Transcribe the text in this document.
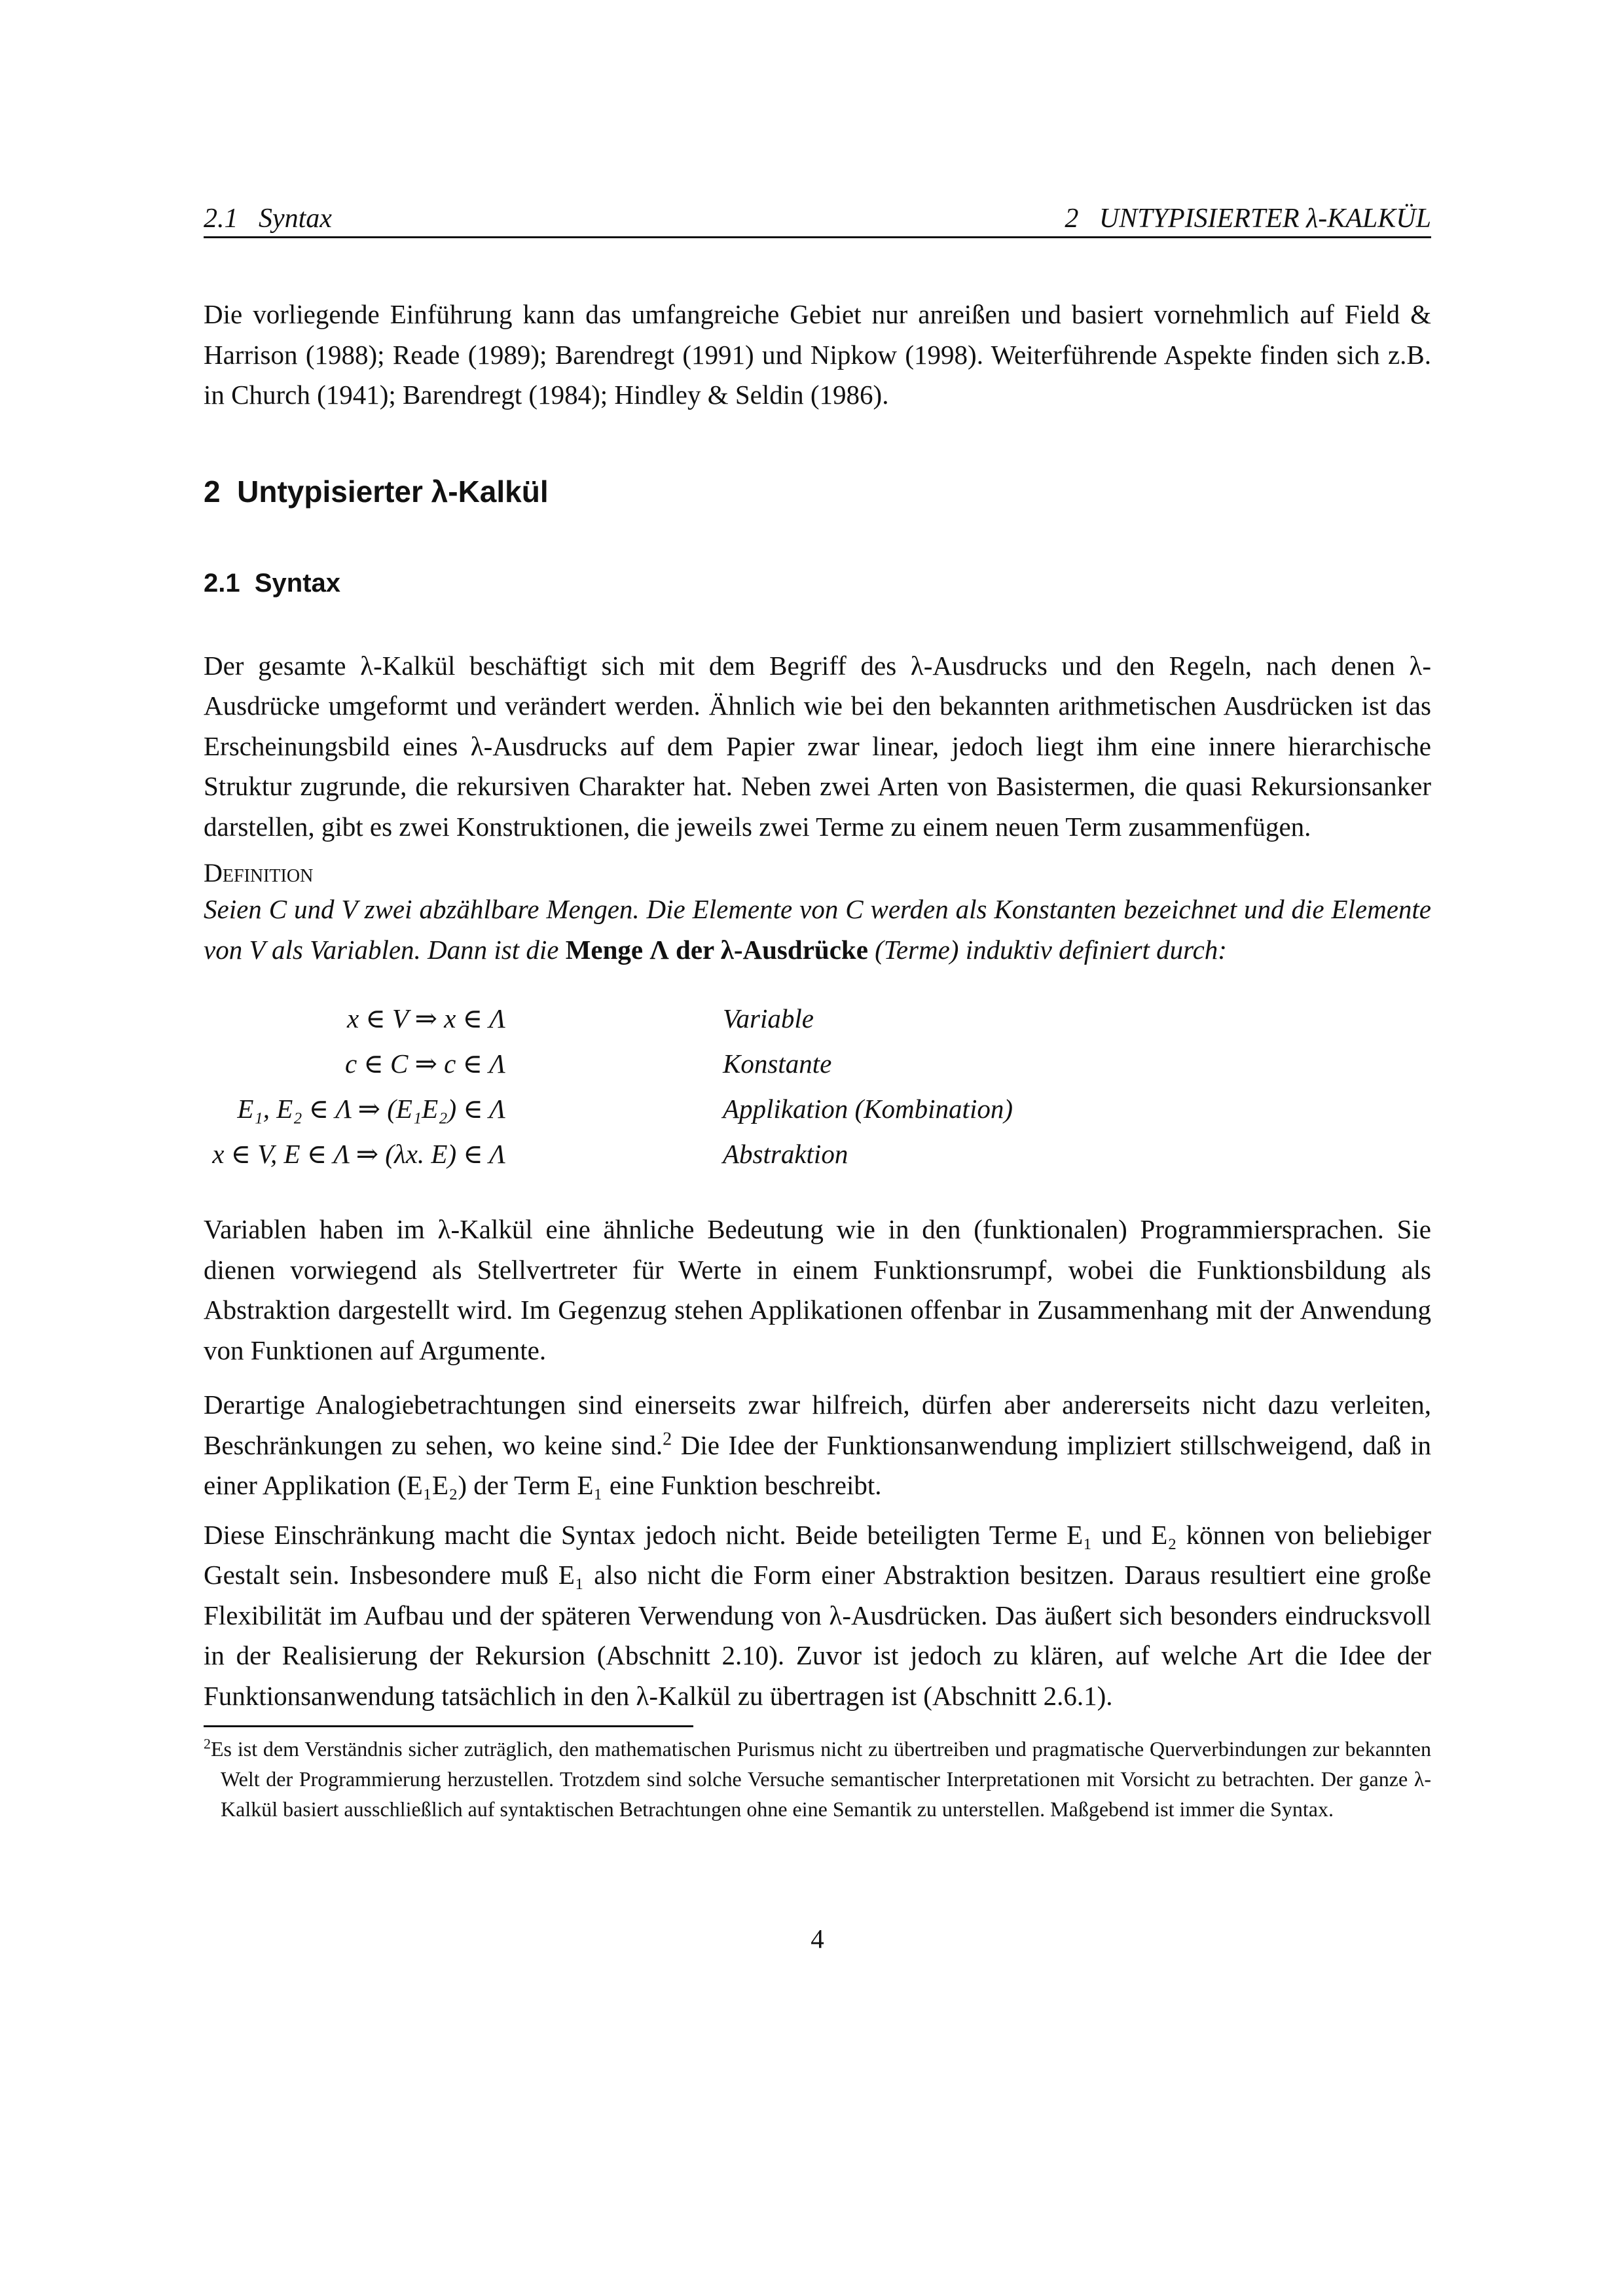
2.1   Syntax	2   UNTYPISIERTER λ-KALKÜL

Die vorliegende Einführung kann das umfangreiche Gebiet nur anreißen und basiert vornehmlich auf Field & Harrison (1988); Reade (1989); Barendregt (1991) und Nipkow (1998). Weiterführende Aspekte finden sich z.B. in Church (1941); Barendregt (1984); Hindley & Seldin (1986).

2  Untypisierter λ-Kalkül
2.1  Syntax

Der gesamte λ-Kalkül beschäftigt sich mit dem Begriff des λ-Ausdrucks und den Regeln, nach denen λ-Ausdrücke umgeformt und verändert werden. Ähnlich wie bei den bekannten arithmetischen Ausdrücken ist das Erscheinungsbild eines λ-Ausdrucks auf dem Papier zwar linear, jedoch liegt ihm eine innere hierarchische Struktur zugrunde, die rekursiven Charakter hat. Neben zwei Arten von Basistermen, die quasi Rekursionsanker darstellen, gibt es zwei Konstruktionen, die jeweils zwei Terme zu einem neuen Term zusammenfügen.

Definition

Seien C und V zwei abzählbare Mengen. Die Elemente von C werden als Konstanten bezeichnet und die Elemente von V als Variablen. Dann ist die Menge Λ der λ-Ausdrücke (Terme) induktiv definiert durch:

x ∈ V ⇒ x ∈ Λ	Variable
c ∈ C ⇒ c ∈ Λ	Konstante
E₁, E₂ ∈ Λ ⇒ (E₁E₂) ∈ Λ	Applikation (Kombination)
x ∈ V, E ∈ Λ ⇒ (λx. E) ∈ Λ	Abstraktion

Variablen haben im λ-Kalkül eine ähnliche Bedeutung wie in den (funktionalen) Programmiersprachen. Sie dienen vorwiegend als Stellvertreter für Werte in einem Funktionsrumpf, wobei die Funktionsbildung als Abstraktion dargestellt wird. Im Gegenzug stehen Applikationen offenbar in Zusammenhang mit der Anwendung von Funktionen auf Argumente.

Derartige Analogiebetrachtungen sind einerseits zwar hilfreich, dürfen aber andererseits nicht dazu verleiten, Beschränkungen zu sehen, wo keine sind.$^2$ Die Idee der Funktionsanwendung impliziert stillschweigend, daß in einer Applikation (E₁E₂) der Term E₁ eine Funktion beschreibt.

Diese Einschränkung macht die Syntax jedoch nicht. Beide beteiligten Terme E₁ und E₂ können von beliebiger Gestalt sein. Insbesondere muß E₁ also nicht die Form einer Abstraktion besitzen. Daraus resultiert eine große Flexibilität im Aufbau und der späteren Verwendung von λ-Ausdrücken. Das äußert sich besonders eindrucksvoll in der Realisierung der Rekursion (Abschnitt 2.10). Zuvor ist jedoch zu klären, auf welche Art die Idee der Funktionsanwendung tatsächlich in den λ-Kalkül zu übertragen ist (Abschnitt 2.6.1).

$^2$Es ist dem Verständnis sicher zuträglich, den mathematischen Purismus nicht zu übertreiben und pragmatische Querverbindungen zur bekannten Welt der Programmierung herzustellen. Trotzdem sind solche Versuche semantischer Interpretationen mit Vorsicht zu betrachten. Der ganze λ-Kalkül basiert ausschließlich auf syntaktischen Betrachtungen ohne eine Semantik zu unterstellen. Maßgebend ist immer die Syntax.
4
